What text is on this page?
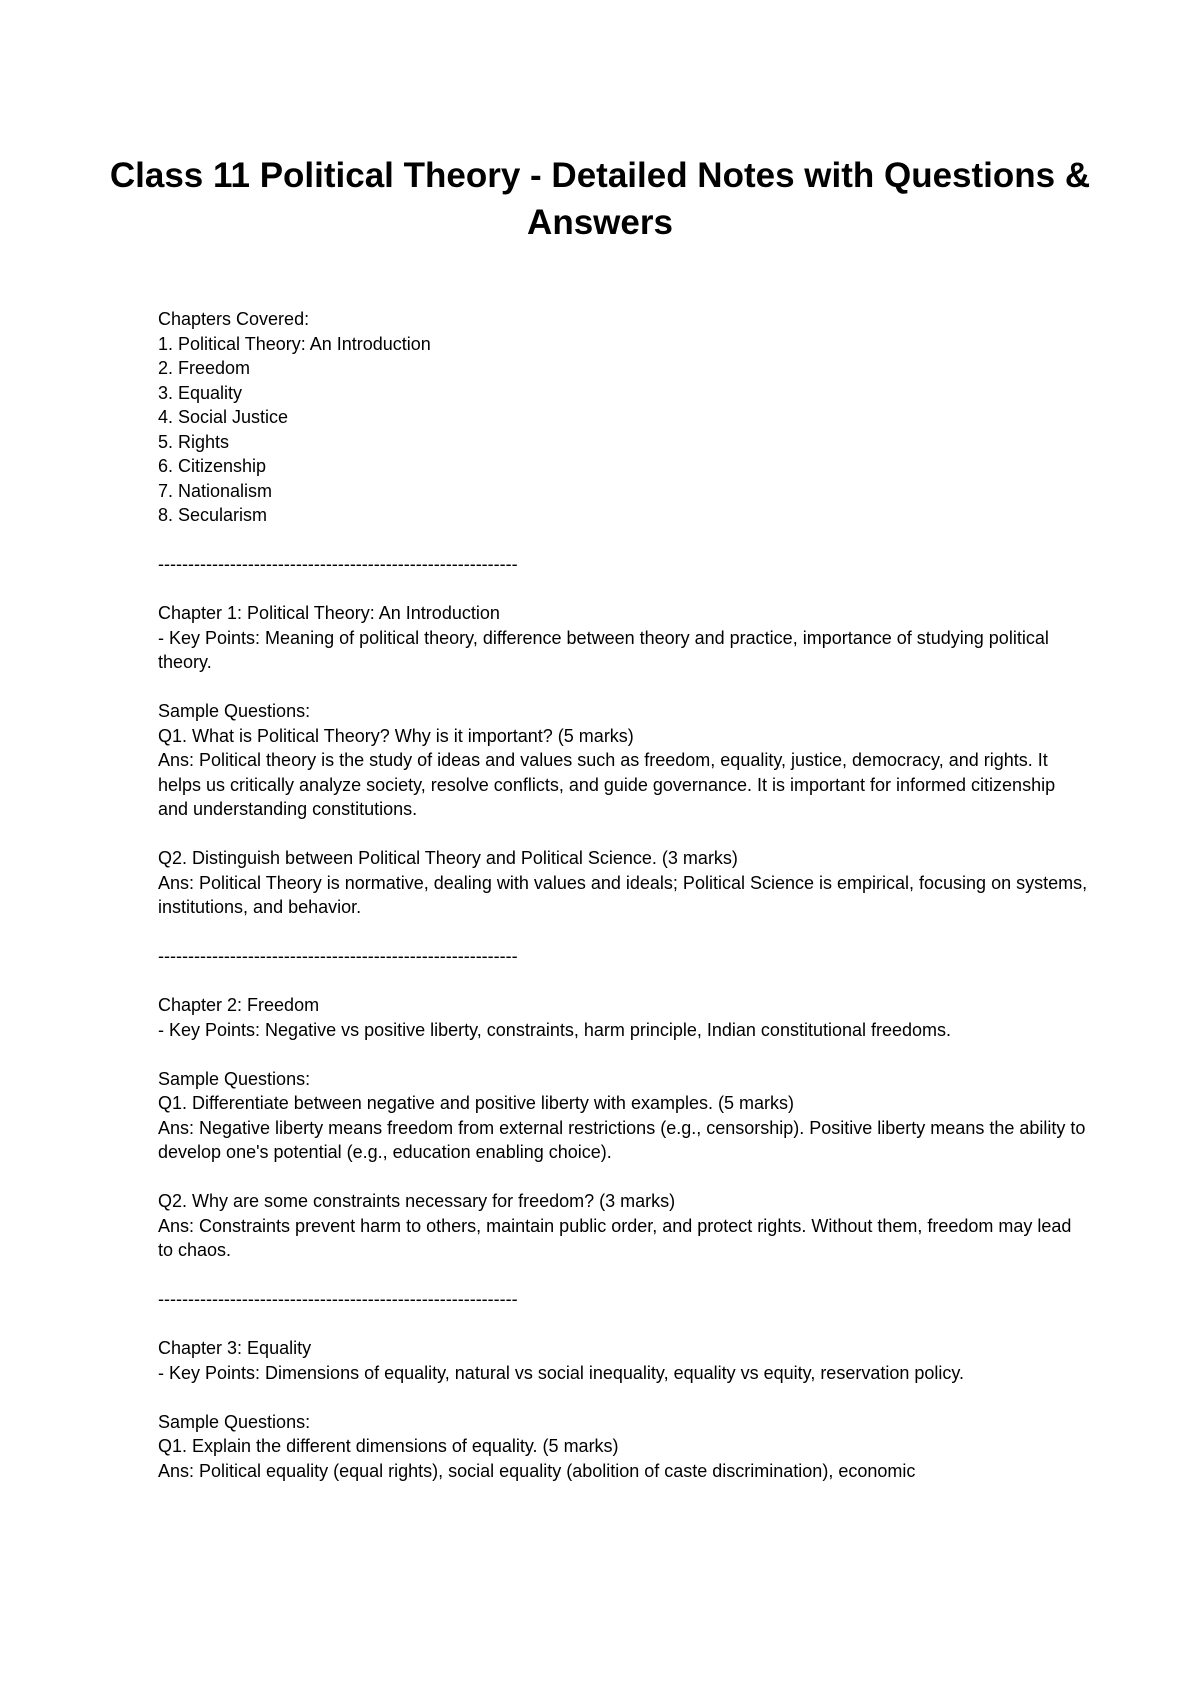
Class 11 Political Theory - Detailed Notes with Questions & Answers
Chapters Covered:
1. Political Theory: An Introduction
2. Freedom
3. Equality
4. Social Justice
5. Rights
6. Citizenship
7. Nationalism
8. Secularism
------------------------------------------------------------
Chapter 1: Political Theory: An Introduction
- Key Points: Meaning of political theory, difference between theory and practice, importance of studying political theory.
Sample Questions:
Q1. What is Political Theory? Why is it important? (5 marks)
Ans: Political theory is the study of ideas and values such as freedom, equality, justice, democracy, and rights. It helps us critically analyze society, resolve conflicts, and guide governance. It is important for informed citizenship and understanding constitutions.
Q2. Distinguish between Political Theory and Political Science. (3 marks)
Ans: Political Theory is normative, dealing with values and ideals; Political Science is empirical, focusing on systems, institutions, and behavior.
------------------------------------------------------------
Chapter 2: Freedom
- Key Points: Negative vs positive liberty, constraints, harm principle, Indian constitutional freedoms.
Sample Questions:
Q1. Differentiate between negative and positive liberty with examples. (5 marks)
Ans: Negative liberty means freedom from external restrictions (e.g., censorship). Positive liberty means the ability to develop one's potential (e.g., education enabling choice).
Q2. Why are some constraints necessary for freedom? (3 marks)
Ans: Constraints prevent harm to others, maintain public order, and protect rights. Without them, freedom may lead to chaos.
------------------------------------------------------------
Chapter 3: Equality
- Key Points: Dimensions of equality, natural vs social inequality, equality vs equity, reservation policy.
Sample Questions:
Q1. Explain the different dimensions of equality. (5 marks)
Ans: Political equality (equal rights), social equality (abolition of caste discrimination), economic
